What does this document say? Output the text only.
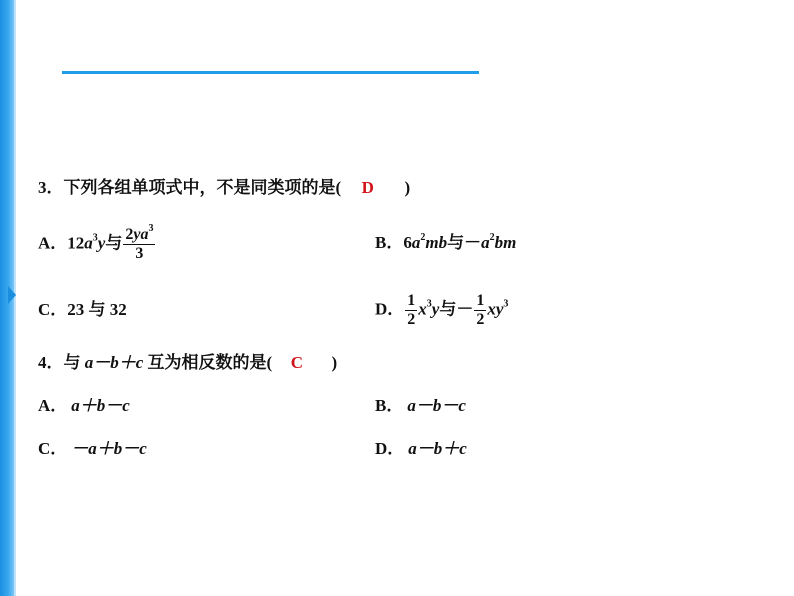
3．下列各组单项式中，不是同类项的是( D )
A．$12a^3y$与 $\frac{2ya^3}{3}$	B．$6a^2mb$与$-a^2bm$
C．23 与 32	D． $\frac{1}{2} x^3y$与－ $\frac{1}{2} xy^3$
4．与 a－b＋c 互为相反数的是( C )
A． a＋b－c	B． a－b－c
C． －a＋b－c	D． a－b＋c
